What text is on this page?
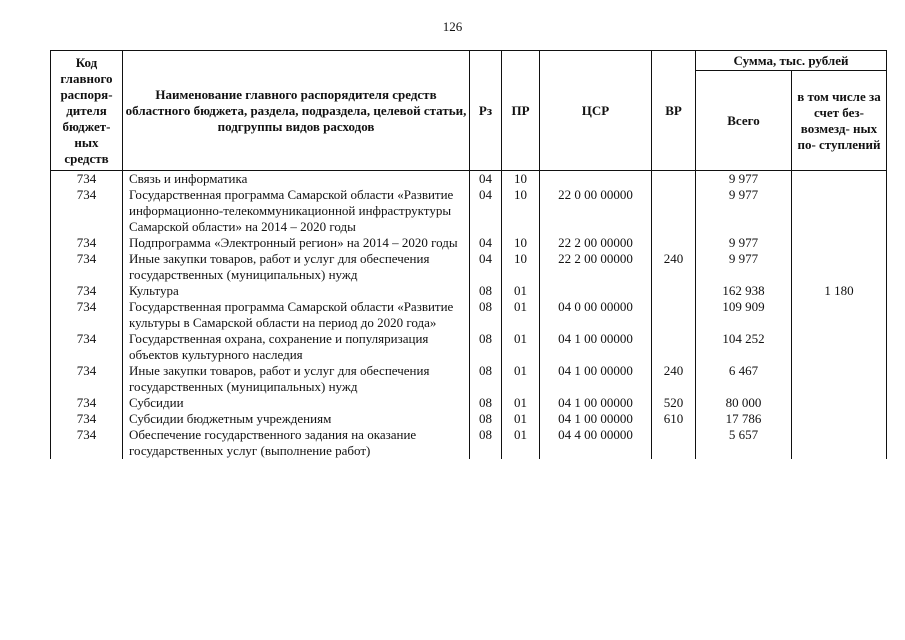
126
Код главного распоря- дителя бюджет- ных средств	Наименование главного распорядителя средств областного бюджета, раздела, подраздела, целевой статьи, подгруппы видов расходов	Рз	ПР	ЦСР	ВР	Сумма, тыс. рублей	
						Всего	в том числе за счет без- возмезд- ных по- ступлений
734	Связь и информатика	04	10			9 977	
734	Государственная программа Самарской области «Развитие информационно-телекоммуникационной инфраструктуры Самарской области» на 2014 – 2020 годы	04	10	22 0 00 00000		9 977	
734	Подпрограмма «Электронный регион» на 2014 – 2020 годы	04	10	22 2 00 00000		9 977	
734	Иные закупки товаров, работ и услуг для обеспечения государственных (муниципальных) нужд	04	10	22 2 00 00000	240	9 977	
734	Культура	08	01			162 938	1 180
734	Государственная программа Самарской области «Развитие культуры в Самарской области на период до 2020 года»	08	01	04 0 00 00000		109 909	
734	Государственная охрана, сохранение и популяризация объектов культурного наследия	08	01	04 1 00 00000		104 252	
734	Иные закупки товаров, работ и услуг для обеспечения государственных (муниципальных) нужд	08	01	04 1 00 00000	240	6 467	
734	Субсидии	08	01	04 1 00 00000	520	80 000	
734	Субсидии бюджетным учреждениям	08	01	04 1 00 00000	610	17 786	
734	Обеспечение государственного задания на оказание государственных услуг (выполнение работ)	08	01	04 4 00 00000		5 657	
